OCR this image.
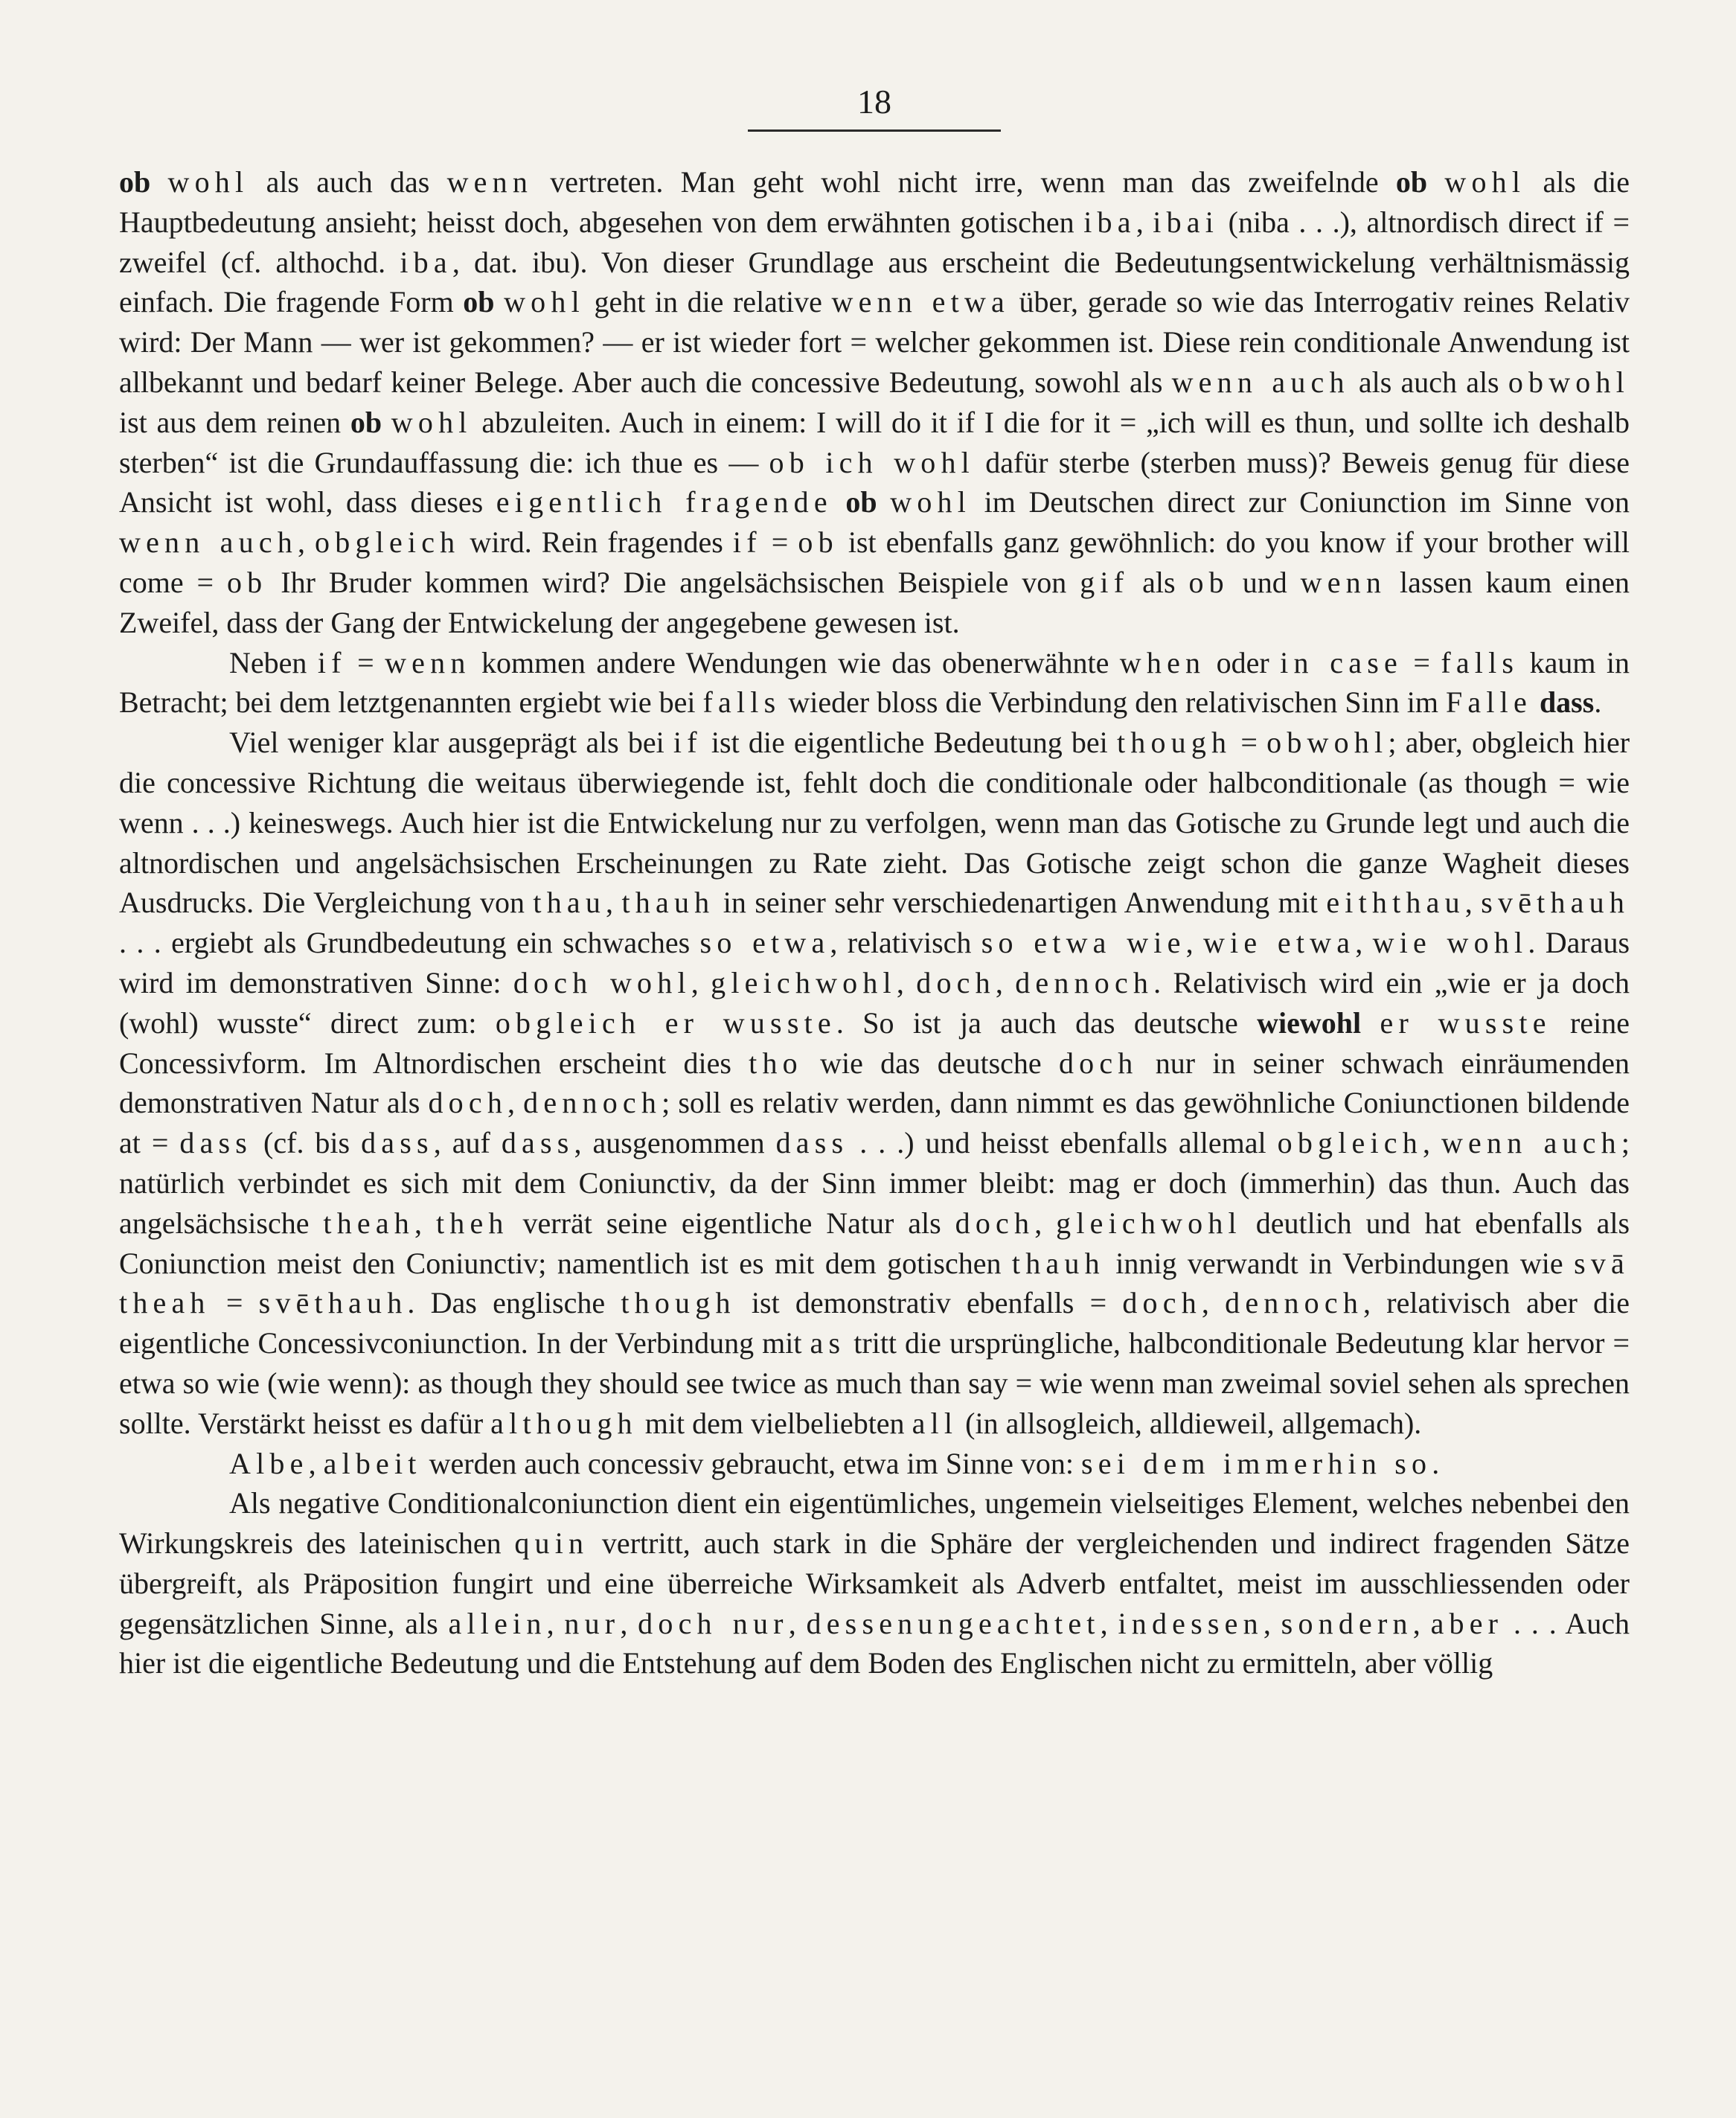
18

ob wohl als auch das wenn vertreten. Man geht wohl nicht irre, wenn man das zweifelnde ob wohl als die Hauptbedeutung ansieht; heisst doch, abgesehen von dem erwähnten gotischen iba, ibai (niba . . .), altnordisch direct if = zweifel (cf. althochd. iba, dat. ibu). Von dieser Grundlage aus erscheint die Bedeutungsentwickelung verhältnismässig einfach. Die fragende Form ob wohl geht in die relative wenn etwa über, gerade so wie das Interrogativ reines Relativ wird: Der Mann — wer ist gekommen? — er ist wieder fort = welcher gekommen ist. Diese rein conditionale Anwendung ist allbekannt und bedarf keiner Belege. Aber auch die concessive Bedeutung, sowohl als wenn auch als auch als obwohl ist aus dem reinen ob wohl abzuleiten. Auch in einem: I will do it if I die for it = „ich will es thun, und sollte ich deshalb sterben“ ist die Grundauffassung die: ich thue es — ob ich wohl dafür sterbe (sterben muss)? Beweis genug für diese Ansicht ist wohl, dass dieses eigentlich fragende ob wohl im Deutschen direct zur Coniunction im Sinne von wenn auch, obgleich wird. Rein fragendes if = ob ist ebenfalls ganz gewöhnlich: do you know if your brother will come = ob Ihr Bruder kommen wird? Die angelsächsischen Beispiele von gif als ob und wenn lassen kaum einen Zweifel, dass der Gang der Entwickelung der angegebene gewesen ist.

Neben if = wenn kommen andere Wendungen wie das obenerwähnte when oder in case = falls kaum in Betracht; bei dem letztgenannten ergiebt wie bei falls wieder bloss die Verbindung den relativischen Sinn im Falle dass.

Viel weniger klar ausgeprägt als bei if ist die eigentliche Bedeutung bei though = obwohl; aber, obgleich hier die concessive Richtung die weitaus überwiegende ist, fehlt doch die conditionale oder halbconditionale (as though = wie wenn . . .) keineswegs. Auch hier ist die Entwickelung nur zu verfolgen, wenn man das Gotische zu Grunde legt und auch die altnordischen und angelsächsischen Erscheinungen zu Rate zieht. Das Gotische zeigt schon die ganze Wagheit dieses Ausdrucks. Die Vergleichung von thau, thauh in seiner sehr verschiedenartigen Anwendung mit eiththau, svēthauh . . . ergiebt als Grundbedeutung ein schwaches so etwa, relativisch so etwa wie, wie etwa, wie wohl. Daraus wird im demonstrativen Sinne: doch wohl, gleichwohl, doch, dennoch. Relativisch wird ein „wie er ja doch (wohl) wusste“ direct zum: obgleich er wusste. So ist ja auch das deutsche wiewohl er wusste reine Concessivform. Im Altnordischen erscheint dies tho wie das deutsche doch nur in seiner schwach einräumenden demonstrativen Natur als doch, dennoch; soll es relativ werden, dann nimmt es das gewöhnliche Coniunctionen bildende at = dass (cf. bis dass, auf dass, ausgenommen dass . . .) und heisst ebenfalls allemal obgleich, wenn auch; natürlich verbindet es sich mit dem Coniunctiv, da der Sinn immer bleibt: mag er doch (immerhin) das thun. Auch das angelsächsische theah, theh verrät seine eigentliche Natur als doch, gleichwohl deutlich und hat ebenfalls als Coniunction meist den Coniunctiv; namentlich ist es mit dem gotischen thauh innig verwandt in Verbindungen wie svā theah = svēthauh. Das englische though ist demonstrativ ebenfalls = doch, dennoch, relativisch aber die eigentliche Concessivconiunction. In der Verbindung mit as tritt die ursprüngliche, halbconditionale Bedeutung klar hervor = etwa so wie (wie wenn): as though they should see twice as much than say = wie wenn man zweimal soviel sehen als sprechen sollte. Verstärkt heisst es dafür although mit dem vielbeliebten all (in allsogleich, alldieweil, allgemach).

Albe, albeit werden auch concessiv gebraucht, etwa im Sinne von: sei dem immerhin so.

Als negative Conditionalconiunction dient ein eigentümliches, ungemein vielseitiges Element, welches nebenbei den Wirkungskreis des lateinischen quin vertritt, auch stark in die Sphäre der vergleichenden und indirect fragenden Sätze übergreift, als Präposition fungirt und eine überreiche Wirksamkeit als Adverb entfaltet, meist im ausschliessenden oder gegensätzlichen Sinne, als allein, nur, doch nur, dessenungeachtet, indessen, sondern, aber . . . Auch hier ist die eigentliche Bedeutung und die Entstehung auf dem Boden des Englischen nicht zu ermitteln, aber völlig
